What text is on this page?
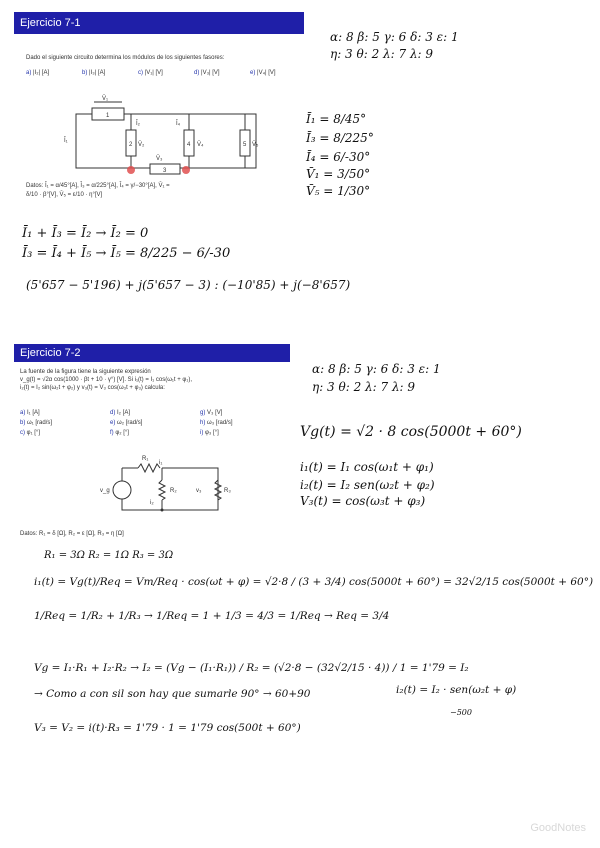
Ejercicio 7-1
Dado el siguiente circuito determina los módulos de los siguientes fasores:
a) |I₂| [A]	b) |I₃| [A]	c) |V₁| [V]	d) |V₃| [V]	e) |V₄| [V]
1
2
3
4	5
V̄₁
Ī₁
Ī₂	Ī₄
V̄₂	V̄₄	V̄₅
V̄₃
Datos: Ī₁ = α/45°[A], Ī₃ = α/225°[A], Ī₄ = γ/−30°[A], V̄₁ =
δ/10 · β°[V], V̄₅ = ε/10 · η°[V]
α: 8 β: 5 γ: 6 δ: 3 ε: 1
η: 3 θ: 2 λ: 7 λ: 9
Ī₁ = 8/45°
Ī₃ = 8/225°
Ī₄ = 6/-30°
V̄₁ = 3/50°
V̄₅ = 1/30°
Ī₁ + Ī₃ = Ī₂ → Ī₂ = 0
Ī₃ = Ī₄ + Ī₅ → Ī₅ = 8/225 − 6/-30
(5'657 − 5'196) + j(5'657 − 3) : (−10'85) + j(−8'657)
Ejercicio 7-2
La fuente de la figura tiene la siguiente expresión
v_g(t) = √2α cos(1000 · βt + 10 · γ°) [V]. Si i₁(t) = I₁ cos(ω₁t + φ₁),
i₂(t) = I₂ sin(ω₂t + φ₂) y v₃(t) = V₃ cos(ω₃t + φ₃) calcula:
a) I₁ [A]	d) I₂ [A]	g) V₃ [V]
b) ω₁ [rad/s]	e) ω₂ [rad/s]	h) ω₃ [rad/s]
c) φ₁ [°]	f) φ₂ [°]	i) φ₃ [°]
R₁
i₁
v_g
i₂
R₂	R₃
v₃
Datos: R₁ = δ [Ω], R₂ = ε [Ω], R₃ = η [Ω]
α: 8 β: 5 γ: 6 δ: 3 ε: 1
η: 3 θ: 2 λ: 7 λ: 9
Vg(t) = √2 · 8 cos(5000t + 60°)
i₁(t) = I₁ cos(ω₁t + φ₁)
i₂(t) = I₂ sen(ω₂t + φ₂)
V₃(t) = cos(ω₃t + φ₃)
R₁ = 3Ω R₂ = 1Ω R₃ = 3Ω
i₁(t) = Vg(t)/Req = Vm/Req · cos(ωt + φ) = √2·8 / (3 + 3/4) cos(5000t + 60°) = 32√2/15 cos(5000t + 60°)
1/Req = 1/R₂ + 1/R₃ → 1/Req = 1 + 1/3 = 4/3 = 1/Req → Req = 3/4
Vg = I₁·R₁ + I₂·R₂ → I₂ = (Vg − (I₁·R₁)) / R₂ = (√2·8 − (32√2/15 · 4)) / 1 = 1'79 = I₂
→ Como a con sil son hay que sumarle 90° → 60+90	i₂(t) = I₂ · sen(ω₂t + φ)
−500
V₃ = V₂ = i(t)·R₃ = 1'79 · 1 = 1'79 cos(500t + 60°)
GoodNotes
